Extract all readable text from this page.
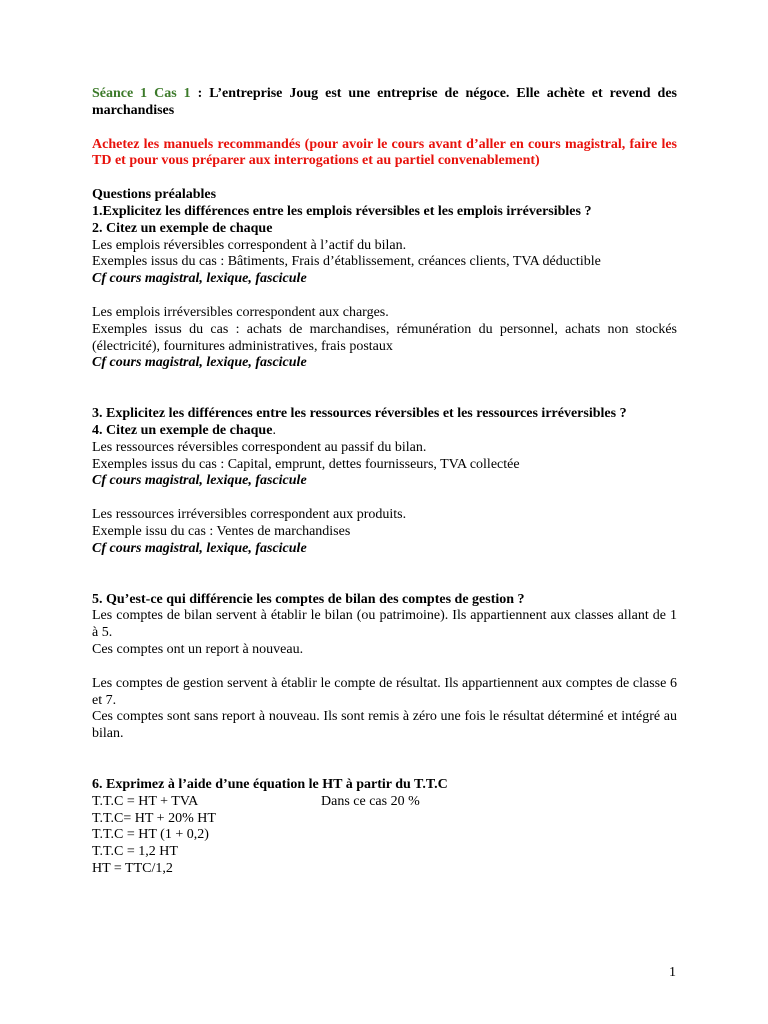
Séance 1 Cas 1 : L’entreprise Joug est une entreprise de négoce. Elle achète et revend des marchandises

Achetez les manuels recommandés (pour avoir le cours avant d’aller en cours magistral, faire les TD et pour vous préparer aux interrogations et au partiel convenablement)

Questions préalables

1.Explicitez les différences entre les emplois réversibles et les emplois irréversibles ?

2. Citez un exemple de chaque

Les emplois réversibles correspondent à l’actif du bilan.

Exemples issus du cas : Bâtiments, Frais d’établissement, créances clients, TVA déductible

Cf cours magistral, lexique, fascicule

Les emplois irréversibles correspondent aux charges.

Exemples issus du cas : achats de marchandises, rémunération du personnel, achats non stockés (électricité), fournitures administratives, frais postaux

Cf cours magistral, lexique, fascicule

3. Explicitez les différences entre les ressources réversibles et les ressources irréversibles ?

4. Citez un exemple de chaque.

Les ressources réversibles correspondent au passif du bilan.

Exemples issus du cas : Capital, emprunt, dettes fournisseurs, TVA collectée

Cf cours magistral, lexique, fascicule

Les ressources irréversibles correspondent aux produits.

Exemple issu du cas : Ventes de marchandises

Cf cours magistral, lexique, fascicule

5. Qu’est-ce qui différencie les comptes de bilan des comptes de gestion ?

Les comptes de bilan servent à établir le bilan (ou patrimoine). Ils appartiennent aux classes allant de 1 à 5.

Ces comptes ont un report à nouveau.

Les comptes de gestion servent à établir le compte de résultat. Ils appartiennent aux comptes de classe 6 et 7.

Ces comptes sont sans report à nouveau. Ils sont remis à zéro une fois le résultat déterminé et intégré au bilan.

6. Exprimez à l’aide d’une équation le HT à partir du T.T.C

T.T.C = HT + TVA	Dans ce cas 20 %

T.T.C= HT + 20% HT

T.T.C = HT (1 + 0,2)

T.T.C = 1,2 HT

HT = TTC/1,2

1
